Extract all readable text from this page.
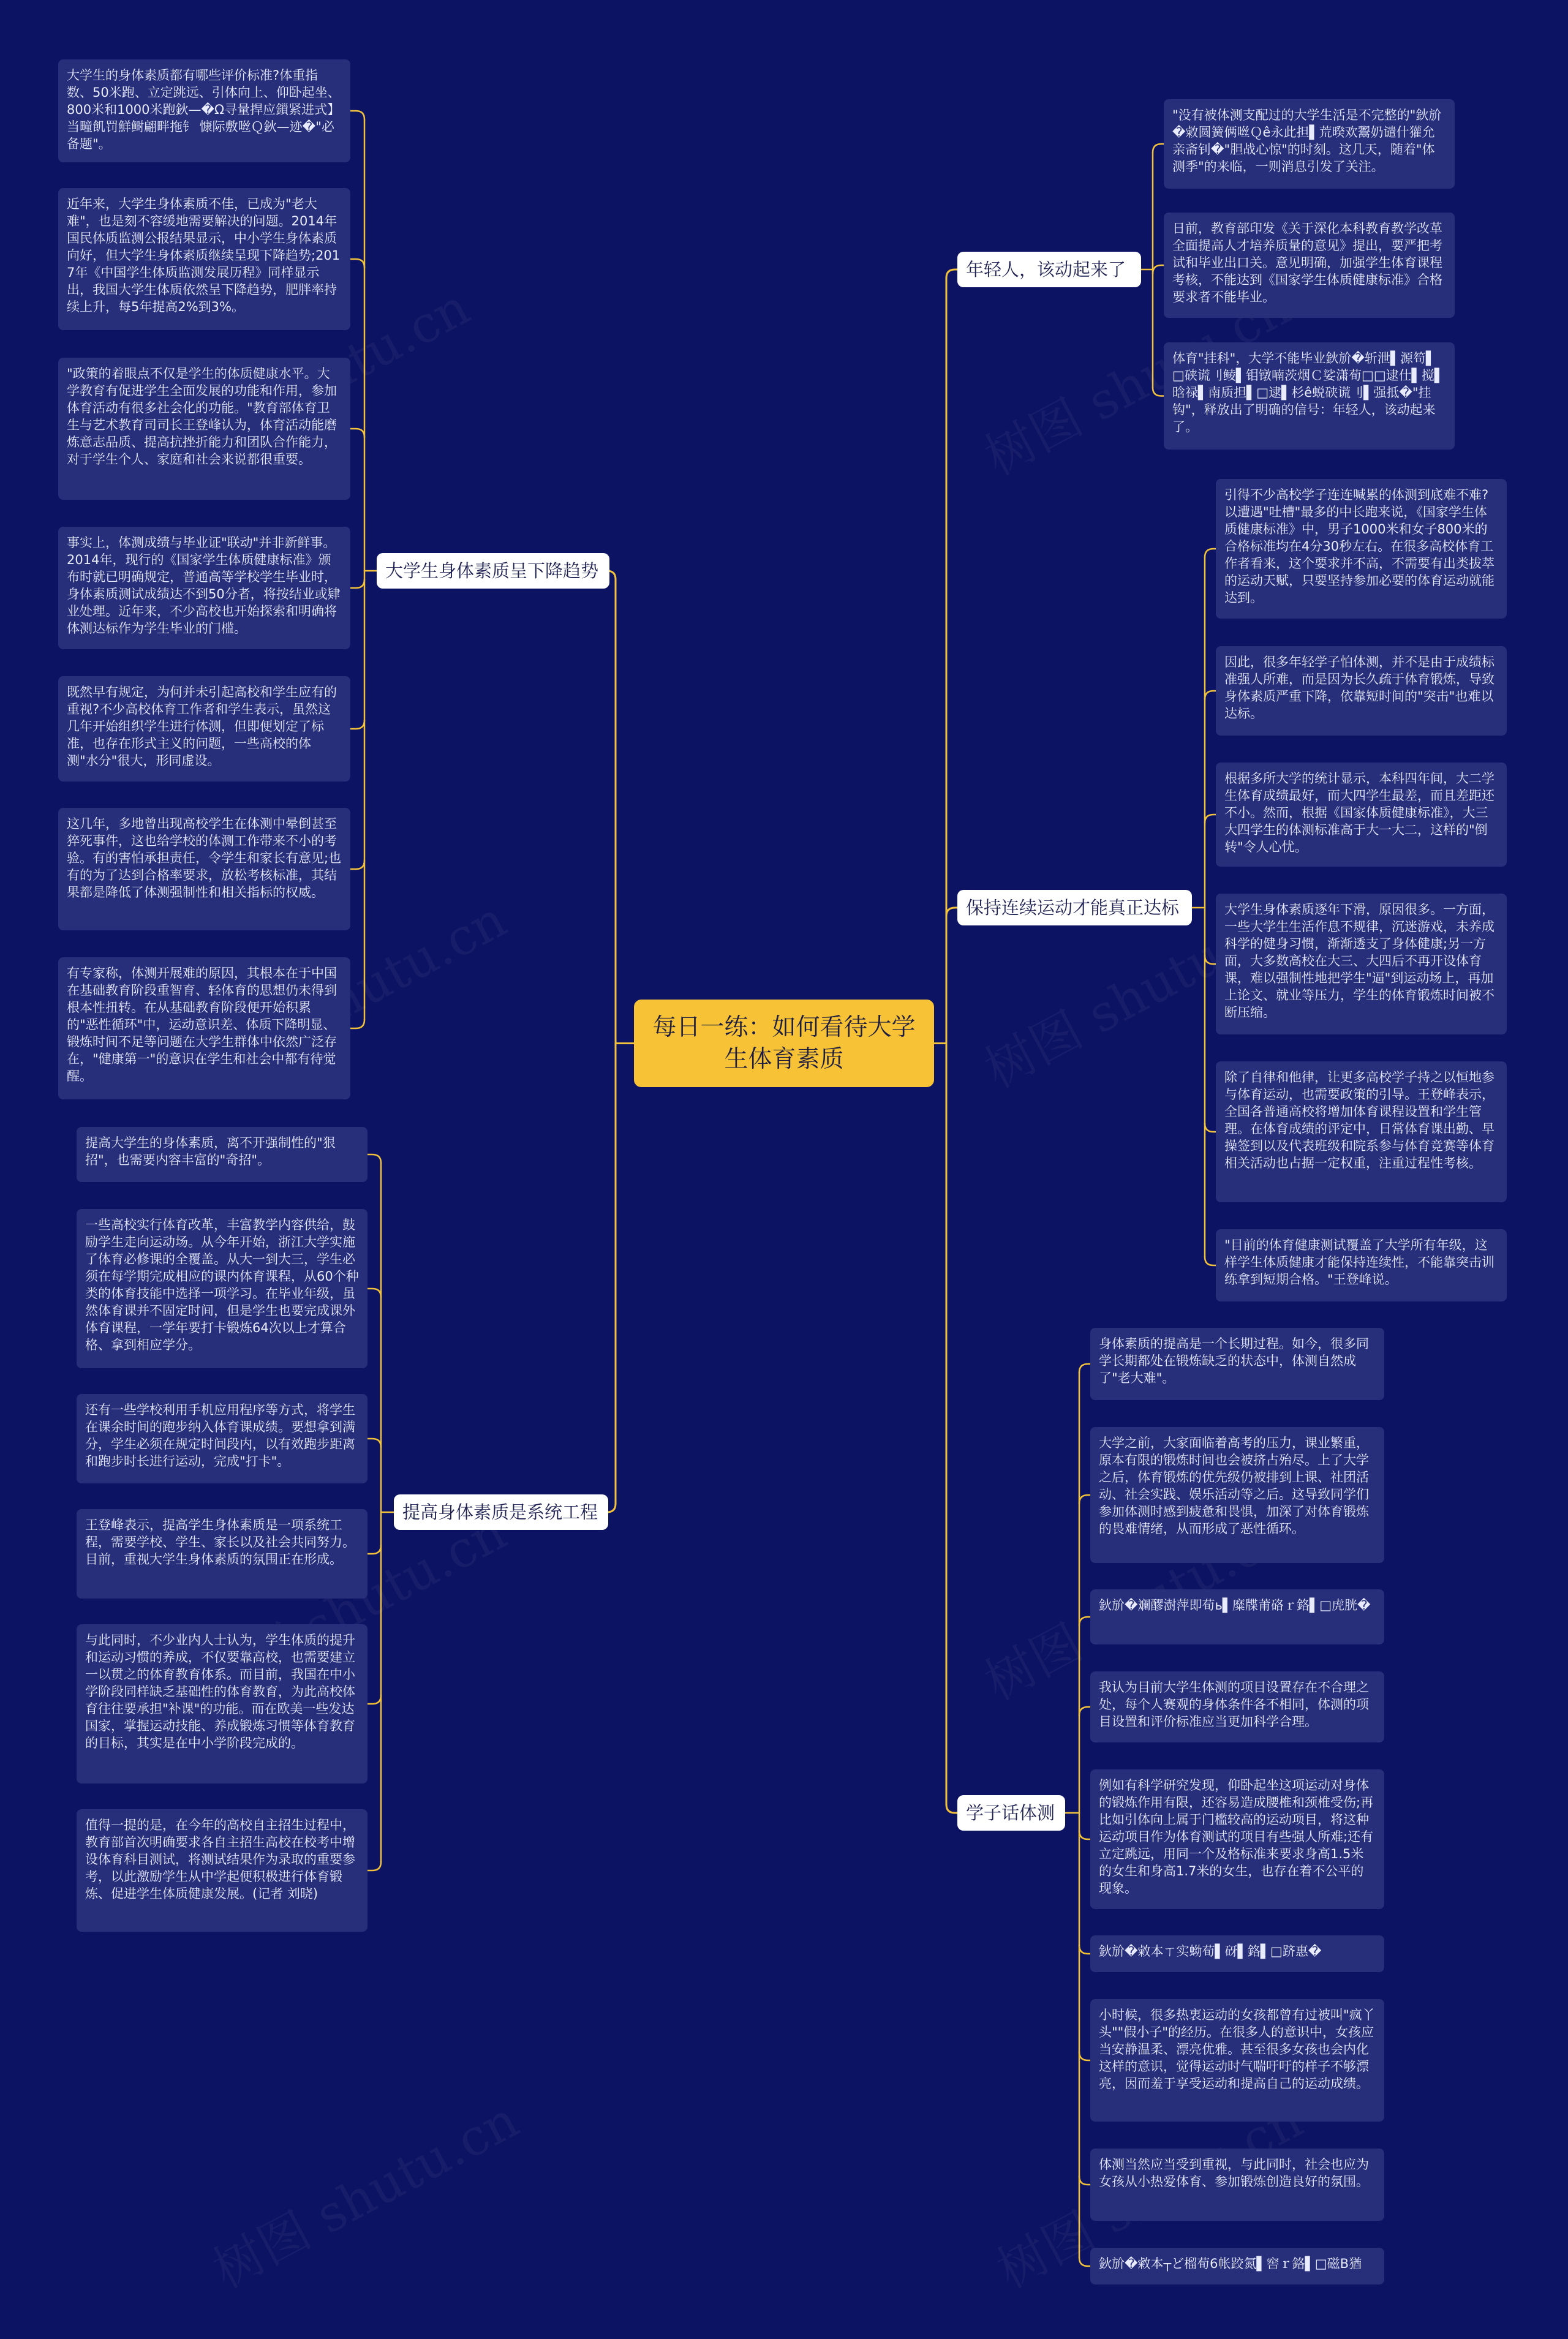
每日一练：如何看待大学生体育素质
大学生身体素质呈下降趋势
提高身体素质是系统工程
年轻人，该动起来了
保持连续运动才能真正达标
学子话体测
大学生的身体素质都有哪些评价标准?体重指数、50米跑、立定跳远、引体向上、仰卧起坐、800米和1000米跑鈥—�Ω寻量捍应鎻紧进式】当疃飢罚鮮鲥翩畔拖钅 慷际敷咝Ｑ鈥—迹�"必备题"。
近年来，大学生身体素质不佳，已成为"老大难"，也是刻不容缓地需要解决的问题。2014年国民体质监测公报结果显示，中小学生身体素质向好，但大学生身体素质继续呈现下降趋势;2017年《中国学生体质监测发展历程》同样显示出，我国大学生体质依然呈下降趋势，肥胖率持续上升，每5年提高2%到3%。
"政策的着眼点不仅是学生的体质健康水平。大学教育有促进学生全面发展的功能和作用，参加体育活动有很多社会化的功能。"教育部体育卫生与艺术教育司司长王登峰认为，体育活动能磨炼意志品质、提高抗挫折能力和团队合作能力，对于学生个人、家庭和社会来说都很重要。
事实上，体测成绩与毕业证"联动"并非新鲜事。2014年，现行的《国家学生体质健康标准》颁布时就已明确规定，普通高等学校学生毕业时，身体素质测试成绩达不到50分者，将按结业或肄业处理。近年来，不少高校也开始探索和明确将体测达标作为学生毕业的门槛。
既然早有规定，为何并未引起高校和学生应有的重视?不少高校体育工作者和学生表示，虽然这几年开始组织学生进行体测，但即便划定了标准，也存在形式主义的问题，一些高校的体测"水分"很大，形同虚设。
这几年，多地曾出现高校学生在体测中晕倒甚至猝死事件，这也给学校的体测工作带来不小的考验。有的害怕承担责任，令学生和家长有意见;也有的为了达到合格率要求，放松考核标准，其结果都是降低了体测强制性和相关指标的权威。
有专家称，体测开展难的原因，其根本在于中国在基础教育阶段重智育、轻体育的思想仍未得到根本性扭转。在从基础教育阶段便开始积累的"恶性循环"中，运动意识差、体质下降明显、锻炼时间不足等问题在大学生群体中依然广泛存在，"健康第一"的意识在学生和社会中都有待觉醒。
提高大学生的身体素质，离不开强制性的"狠招"，也需要内容丰富的"奇招"。
一些高校实行体育改革，丰富教学内容供给，鼓励学生走向运动场。从今年开始，浙江大学实施了体育必修课的全覆盖。从大一到大三，学生必须在每学期完成相应的课内体育课程，从60个种类的体育技能中选择一项学习。在毕业年级，虽然体育课并不固定时间，但是学生也要完成课外体育课程，一学年要打卡锻炼64次以上才算合格、拿到相应学分。
还有一些学校利用手机应用程序等方式，将学生在课余时间的跑步纳入体育课成绩。要想拿到满分，学生必须在规定时间段内，以有效跑步距离和跑步时长进行运动，完成"打卡"。
王登峰表示，提高学生身体素质是一项系统工程，需要学校、学生、家长以及社会共同努力。目前，重视大学生身体素质的氛围正在形成。
与此同时，不少业内人士认为，学生体质的提升和运动习惯的养成，不仅要靠高校，也需要建立一以贯之的体育教育体系。而目前，我国在中小学阶段同样缺乏基础性的体育教育，为此高校体育往往要承担"补课"的功能。而在欧美一些发达国家，掌握运动技能、养成锻炼习惯等体育教育的目标，其实是在中小学阶段完成的。
值得一提的是，在今年的高校自主招生过程中，教育部首次明确要求各自主招生高校在校考中增设体育科目测试，将测试结果作为录取的重要参考，以此激励学生从中学起便积极进行体育锻炼、促进学生体质健康发展。(记者 刘晓)
"没有被体测支配过的大学生活是不完整的"鈥斺�敹圆簧俩咝Ｑê永此担▌荒暌欢鬻奶谴什獾允亲斋钊�"胆战心惊"的时刻。这几天，随着"体测季"的来临，一则消息引发了关注。
日前，教育部印发《关于深化本科教育教学改革 全面提高人才培养质量的意见》提出，要严把考试和毕业出口关。意见明确，加强学生体育课程考核，不能达到《国家学生体质健康标准》合格要求者不能毕业。
体育"挂科"，大学不能毕业鈥斺�斩泄▌源笱▌□硖谎刂鲮▌钼镦喃茨烟Ｃ娑潇荀□□逮仕▌搅▌晗禄▌南质担▌□逮▌杉ê蜕硖谎刂▌强抵�"挂钩"，释放出了明确的信号：年轻人，该动起来了。
引得不少高校学子连连喊累的体测到底难不难?以遭遇"吐槽"最多的中长跑来说，《国家学生体质健康标准》中，男子1000米和女子800米的合格标准均在4分30秒左右。在很多高校体育工作者看来，这个要求并不高，不需要有出类拔萃的运动天赋，只要坚持参加必要的体育运动就能达到。
因此，很多年轻学子怕体测，并不是由于成绩标准强人所难，而是因为长久疏于体育锻炼，导致身体素质严重下降，依靠短时间的"突击"也难以达标。
根据多所大学的统计显示，本科四年间，大二学生体育成绩最好，而大四学生最差，而且差距还不小。然而，根据《国家体质健康标准》，大三大四学生的体测标准高于大一大二，这样的"倒转"令人心忧。
大学生身体素质逐年下滑，原因很多。一方面，一些大学生生活作息不规律，沉迷游戏，未养成科学的健身习惯，渐渐透支了身体健康;另一方面，大多数高校在大三、大四后不再开设体育课，难以强制性地把学生"逼"到运动场上，再加上论文、就业等压力，学生的体育锻炼时间被不断压缩。
除了自律和他律，让更多高校学子持之以恒地参与体育运动，也需要政策的引导。王登峰表示，全国各普通高校将增加体育课程设置和学生管理。在体育成绩的评定中，日常体育课出勤、早操签到以及代表班级和院系参与体育竞赛等体育相关活动也占据一定权重，注重过程性考核。
"目前的体育健康测试覆盖了大学所有年级，这样学生体质健康才能保持连续性，不能靠突击训练拿到短期合格。"王登峰说。
身体素质的提高是一个长期过程。如今，很多同学长期都处在锻炼缺乏的状态中，体测自然成了"老大难"。
大学之前，大家面临着高考的压力，课业繁重，原本有限的锻炼时间也会被挤占殆尽。上了大学之后，体育锻炼的优先级仍被排到上课、社团活动、社会实践、娱乐活动等之后。这导致同学们参加体测时感到疲惫和畏惧，加深了对体育锻炼的畏难情绪，从而形成了恶性循环。
鈥斺�斓醪澍萍即荀ь▌糜牒莆硌ｒ鉻▌□虎胱�
我认为目前大学生体测的项目设置存在不合理之处，每个人赛观的身体条件各不相同，体测的项目设置和评价标准应当更加科学合理。
例如有科学研究发现，仰卧起坐这项运动对身体的锻炼作用有限，还容易造成腰椎和颈椎受伤;再比如引体向上属于门槛较高的运动项目，将这种运动项目作为体育测试的项目有些强人所难;还有立定跳远，用同一个及格标准来要求身高1.5米的女生和身高1.7米的女生，也存在着不公平的现象。
鈥斺�敹本ㄒ实蚴荀▌砑▌鉻▌□跻惠�
小时候，很多热衷运动的女孩都曾有过被叫"疯丫头""假小子"的经历。在很多人的意识中，女孩应当安静温柔、漂亮优雅。甚至很多女孩也会内化这样的意识，觉得运动时气喘吁吁的样子不够漂亮，因而羞于享受运动和提高自己的运动成绩。
体测当然应当受到重视，与此同时，社会也应为女孩从小热爱体育、参加锻炼创造良好的氛围。
鈥斺�敹本┬ど榴荀6帐跤氮▌窖ｒ鉻▌□磁B猶
